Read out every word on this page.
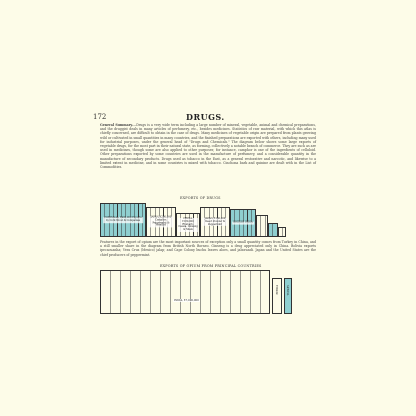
172	DRUGS.
General Summary.—Drugs is a very wide term including a large number of mineral, vegetable, animal and chemical preparations, and the druggist deals in many articles of perfumery, etc., besides medicines. Statistics of raw material, with which this atlas is chiefly concerned, are difficult to obtain in the case of drugs. Many medicines of vegetable origin are prepared from plants growing wild or cultivated in small quantities in many countries, and the finished preparations are exported with others, including many used for industrial purposes, under the general head of "Drugs and Chemicals." The diagram below shows some large exports of vegetable drugs, for the most part in their natural state, as forming, collectively a notable branch of commerce. They are such as are used in medicines, though some are also applied to other purposes; for instance, camphor is one of the ingredients of celluloid. Other preparations exported by some countries are used in the manufacture of perfumery, and a considerable quantity in the manufacture of secondary products. Drugs used as tobacco in the East, as a general restorative and narcotic, and likewise to a limited extent in medicine, and in some countries is mixed with tobacco. Cinchona bark and quinine are dealt with in the List of Commodities.
EXPORTS OF DRUGS
PORTUGAL, £400,000 Exports by Cork Wood & Companies
JAPAN, £200,000 Camphor, Peppermint & Menthol
CHINA, £180,000 Rhubarb, Cassia, Ginseng & Musk
JAPAN, £160,000 Insect Powder & Peppermint
BRITISH INDIA
Features in the export of opium are the most important sources of exception only a small quantity comes from Turkey in China, and a still smaller share in the diagram from British North Borneo. Ginseng is a drug appreciated only in China. Bolivia exports ipecacuanha; Vera Cruz (Mexico) jalap; and Cape Colony buchu leaves aloes, and jaborandi. Japan and the United States are the chief producers of peppermint.
EXPORTS OF OPIUM FROM PRINCIPAL COUNTRIES
INDIA, £7,000,000
PERSIA	TURKEY
